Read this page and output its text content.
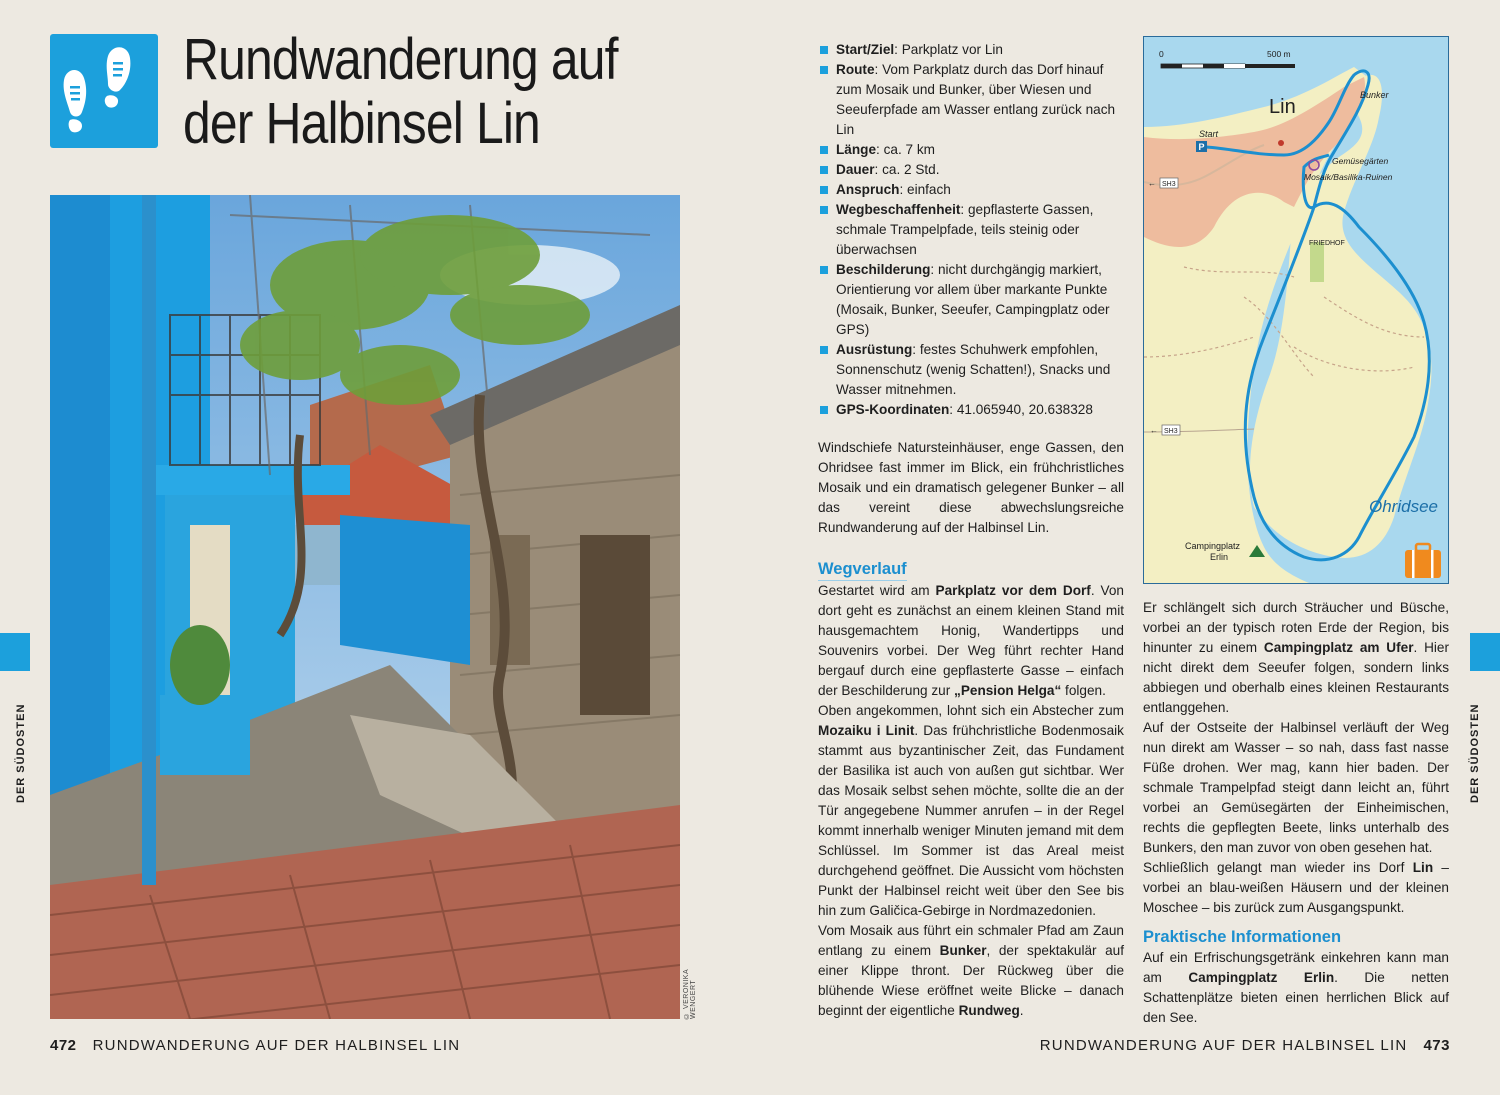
Rundwanderung auf
der Halbinsel Lin
© VERONIKA WENGERT
Start/Ziel: Parkplatz vor Lin
Route: Vom Parkplatz durch das Dorf hinauf zum Mosaik und Bunker, über Wiesen und Seeuferpfade am Wasser entlang zurück nach Lin
Länge: ca. 7 km
Dauer: ca. 2 Std.
Anspruch: einfach
Wegbeschaffenheit: gepflasterte Gassen, schmale Trampelpfade, teils steinig oder überwachsen
Beschilderung: nicht durchgängig markiert, Orientierung vor allem über markante Punkte (Mosaik, Bunker, Seeufer, Campingplatz oder GPS)
Ausrüstung: festes Schuhwerk empfohlen, Sonnenschutz (wenig Schatten!), Snacks und Wasser mitnehmen.
GPS-Koordinaten: 41.065940, 20.638328
Windschiefe Natursteinhäuser, enge Gassen, den Ohridsee fast immer im Blick, ein frühchristliches Mosaik und ein dramatisch gelegener Bunker – all das vereint diese abwechslungsreiche Rundwanderung auf der Halbinsel Lin.
Wegverlauf

Gestartet wird am Parkplatz vor dem Dorf. Von dort geht es zunächst an einem kleinen Stand mit hausgemachtem Honig, Wandertipps und Souvenirs vorbei. Der Weg führt rechter Hand bergauf durch eine gepflasterte Gasse – einfach der Beschilderung zur „Pension Helga“ folgen.

Oben angekommen, lohnt sich ein Abstecher zum Mozaiku i Linit. Das frühchristliche Bodenmosaik stammt aus byzantinischer Zeit, das Fundament der Basilika ist auch von außen gut sichtbar. Wer das Mosaik selbst sehen möchte, sollte die an der Tür angegebene Nummer anrufen – in der Regel kommt innerhalb weniger Minuten jemand mit dem Schlüssel. Im Sommer ist das Areal meist durchgehend geöffnet. Die Aussicht vom höchsten Punkt der Halbinsel reicht weit über den See bis hin zum Galičica-Gebirge in Nordmazedonien.

Vom Mosaik aus führt ein schmaler Pfad am Zaun entlang zu einem Bunker, der spektakulär auf einer Klippe thront. Der Rückweg über die blühende Wiese eröffnet weite Blicke – danach beginnt der eigentliche Rundweg.

Er schlängelt sich durch Sträucher und Büsche, vorbei an der typisch roten Erde der Region, bis hinunter zu einem Campingplatz am Ufer. Hier nicht direkt dem Seeufer folgen, sondern links abbiegen und oberhalb eines kleinen Restaurants entlanggehen.

Auf der Ostseite der Halbinsel verläuft der Weg nun direkt am Wasser – so nah, dass fast nasse Füße drohen. Wer mag, kann hier baden. Der schmale Trampelpfad steigt dann leicht an, führt vorbei an Gemüsegärten der Einheimischen, rechts die gepflegten Beete, links unterhalb des Bunkers, den man zuvor von oben gesehen hat.

Schließlich gelangt man wieder ins Dorf Lin – vorbei an blau-weißen Häusern und der kleinen Moschee – bis zurück zum Ausgangspunkt.

Praktische Informationen

Auf ein Erfrischungsgetränk einkehren kann man am Campingplatz Erlin. Die netten Schattenplätze bieten einen herrlichen Blick auf den See.

0	500 m
Lin
Start
Bunker
Gemüsegärten
Mosaik/Basilika-Ruinen
FRIEDHOF
Ohridsee
Campingplatz
Erlin
SH3
←
SH3
←
P
DER SÜDOSTEN	DER SÜDOSTEN
472 RUNDWANDERUNG AUF DER HALBINSEL LIN	RUNDWANDERUNG AUF DER HALBINSEL LIN 473
